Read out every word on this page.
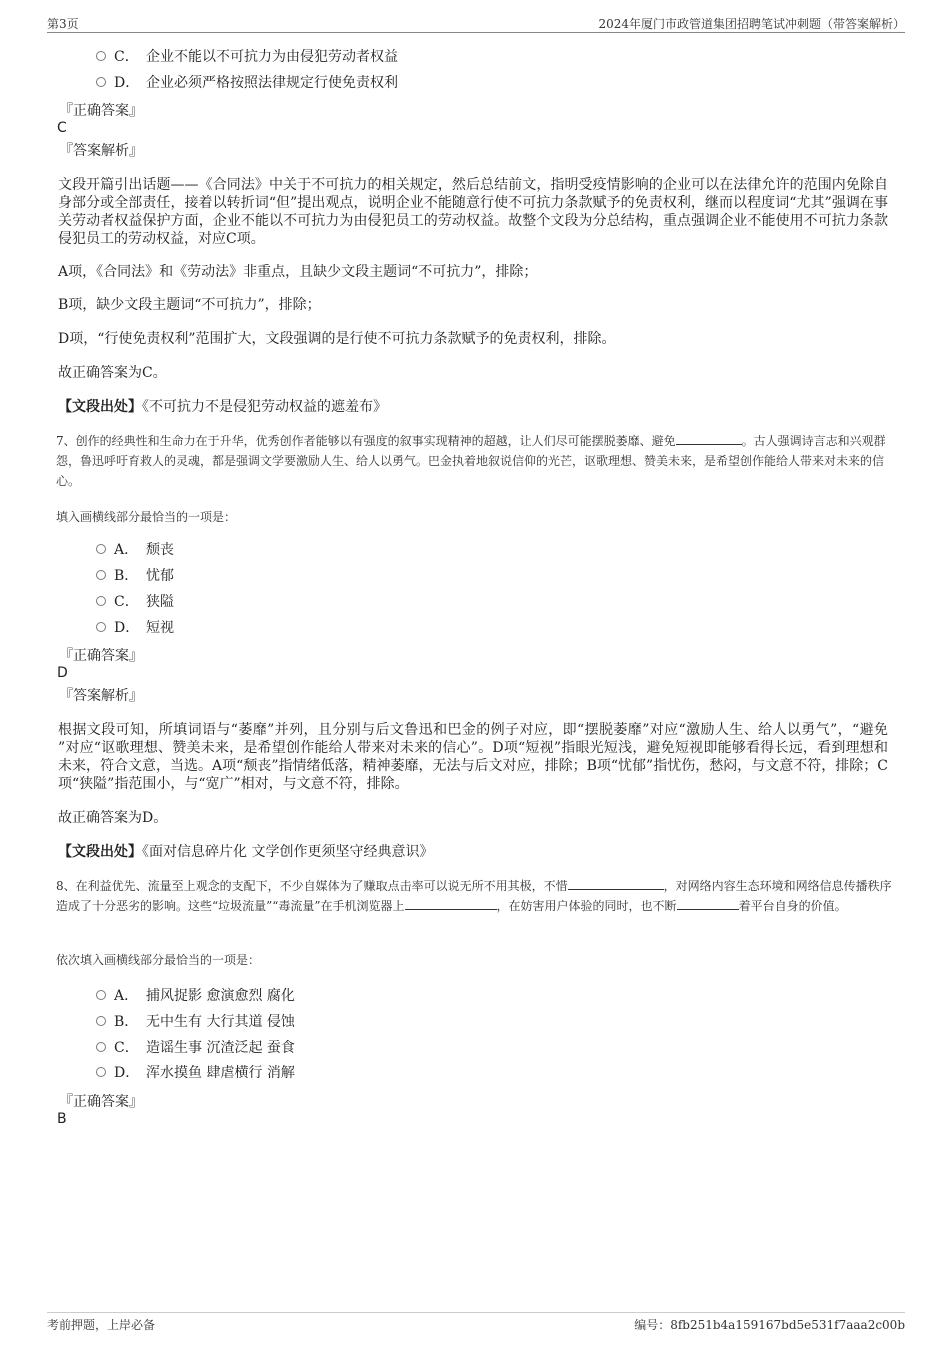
第3页	2024年厦门市政管道集团招聘笔试冲刺题（带答案解析）
C． 企业不能以不可抗力为由侵犯劳动者权益
D． 企业必须严格按照法律规定行使免责权利
『正确答案』
C
『答案解析』

文段开篇引出话题——《合同法》中关于不可抗力的相关规定，然后总结前文，指明受疫情影响的企业可以在法律允许的范围内免除自身部分或全部责任，接着以转折词“但”提出观点，说明企业不能随意行使不可抗力条款赋予的免责权利，继而以程度词“尤其”强调在事关劳动者权益保护方面，企业不能以不可抗力为由侵犯员工的劳动权益。故整个文段为分总结构，重点强调企业不能使用不可抗力条款侵犯员工的劳动权益，对应C项。

A项，《合同法》和《劳动法》非重点，且缺少文段主题词“不可抗力”，排除；

B项，缺少文段主题词“不可抗力”，排除；

D项，“行使免责权利”范围扩大，文段强调的是行使不可抗力条款赋予的免责权利，排除。

故正确答案为C。

【文段出处】《不可抗力不是侵犯劳动权益的遮羞布》

7、创作的经典性和生命力在于升华，优秀创作者能够以有强度的叙事实现精神的超越，让人们尽可能摆脱萎靡、避免	。古人强调诗言志和兴观群怨，鲁迅呼吁育救人的灵魂，都是强调文学要激励人生、给人以勇气。巴金执着地叙说信仰的光芒，讴歌理想、赞美未来，是希望创作能给人带来对未来的信心。

填入画横线部分最恰当的一项是：

A． 颓丧
B． 忧郁
C． 狭隘
D． 短视
『正确答案』
D
『答案解析』

根据文段可知，所填词语与“萎靡”并列，且分别与后文鲁迅和巴金的例子对应，即“摆脱萎靡”对应“激励人生、给人以勇气”，“避免 ”对应“讴歌理想、赞美未来，是希望创作能给人带来对未来的信心”。D项“短视”指眼光短浅，避免短视即能够看得长远，看到理想和未来，符合文意，当选。A项“颓丧”指情绪低落，精神萎靡，无法与后文对应，排除；B项“忧郁”指忧伤，愁闷，与文意不符，排除；C项“狭隘”指范围小，与“宽广”相对，与文意不符，排除。

故正确答案为D。

【文段出处】《面对信息碎片化 文学创作更须坚守经典意识》

8、在利益优先、流量至上观念的支配下，不少自媒体为了赚取点击率可以说无所不用其极，不惜	，对网络内容生态环境和网络信息传播秩序造成了十分恶劣的影响。这些“垃圾流量”“毒流量”在手机浏览器上	，在妨害用户体验的同时，也不断	着平台自身的价值。

依次填入画横线部分最恰当的一项是：

A． 捕风捉影 愈演愈烈 腐化
B． 无中生有 大行其道 侵蚀
C． 造谣生事 沉渣泛起 蚕食
D． 浑水摸鱼 肆虐横行 消解
『正确答案』
B
考前押题，上岸必备	编号：8fb251b4a159167bd5e531f7aaa2c00b
